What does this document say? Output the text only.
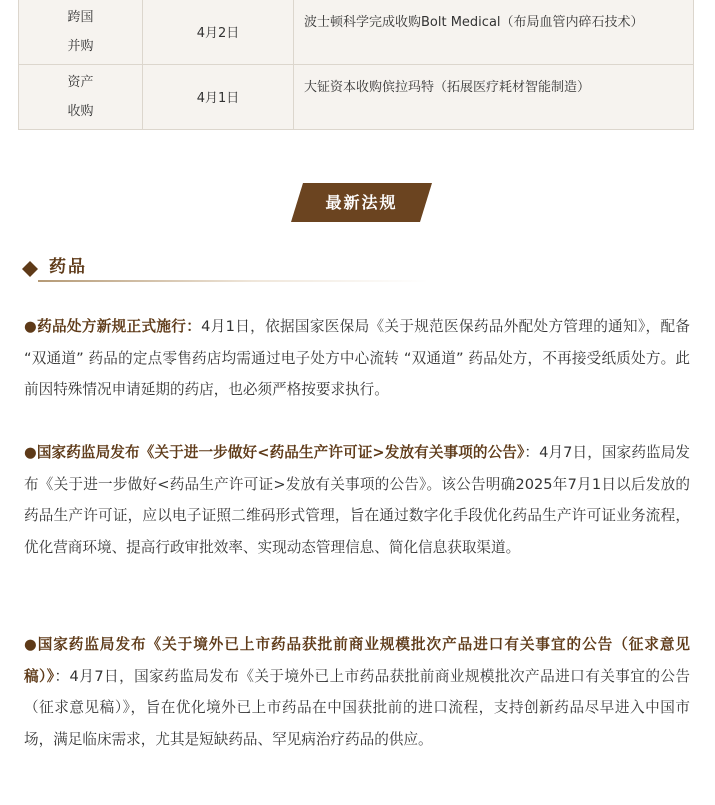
跨国
并购	4月2日	波士顿科学完成收购Bolt Medical（布局血管内碎石技术）

资产
收购	4月1日	大钲资本收购傧拉玛特（拓展医疗耗材智能制造）
最新法规
药品

●药品处方新规正式施行：4月1日，依据国家医保局《关于规范医保药品外配处方管理的通知》，配备 “双通道” 药品的定点零售药店均需通过电子处方中心流转 “双通道” 药品处方，不再接受纸质处方。此前因特殊情况申请延期的药店，也必须严格按要求执行。

●国家药监局发布《关于进一步做好<药品生产许可证>发放有关事项的公告》：4月7日，国家药监局发布《关于进一步做好<药品生产许可证>发放有关事项的公告》。该公告明确2025年7月1日以后发放的药品生产许可证，应以电子证照二维码形式管理，旨在通过数字化手段优化药品生产许可证业务流程，优化营商环境、提高行政审批效率、实现动态管理信息、简化信息获取渠道。

●国家药监局发布《关于境外已上市药品获批前商业规模批次产品进口有关事宜的公告（征求意见稿）》：4月7日，国家药监局发布《关于境外已上市药品获批前商业规模批次产品进口有关事宜的公告（征求意见稿）》，旨在优化境外已上市药品在中国获批前的进口流程，支持创新药品尽早进入中国市场，满足临床需求，尤其是短缺药品、罕见病治疗药品的供应。
